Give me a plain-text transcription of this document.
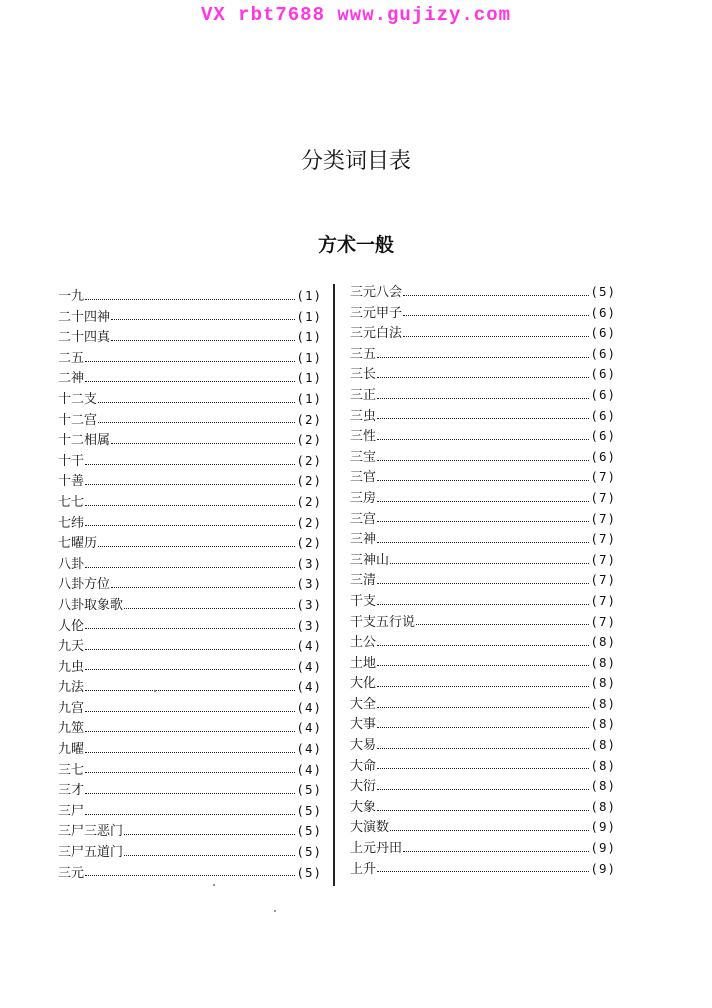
VX rbt7688 www.gujizy.com
分类词目表
方术一般
一九	(1)
二十四神	(1)
二十四真	(1)
二五	(1)
二神	(1)
十二支	(1)
十二宫	(2)
十二相属	(2)
十干	(2)
十善	(2)
七七	(2)
七纬	(2)
七曜历	(2)
八卦	(3)
八卦方位	(3)
八卦取象歌	(3)
人伦	(3)
九天	(4)
九虫	(4)
九法	(4)
九宫	(4)
九筮	(4)
九曜	(4)
三七	(4)
三才	(5)
三尸	(5)
三尸三恶门	(5)
三尸五道门	(5)
三元	(5)
三元八会	(5)
三元甲子	(6)
三元白法	(6)
三五	(6)
三长	(6)
三正	(6)
三虫	(6)
三性	(6)
三宝	(6)
三官	(7)
三房	(7)
三宫	(7)
三神	(7)
三神山	(7)
三清	(7)
干支	(7)
干支五行说	(7)
土公	(8)
土地	(8)
大化	(8)
大全	(8)
大事	(8)
大易	(8)
大命	(8)
大衍	(8)
大象	(8)
大演数	(9)
上元丹田	(9)
上升	(9)
